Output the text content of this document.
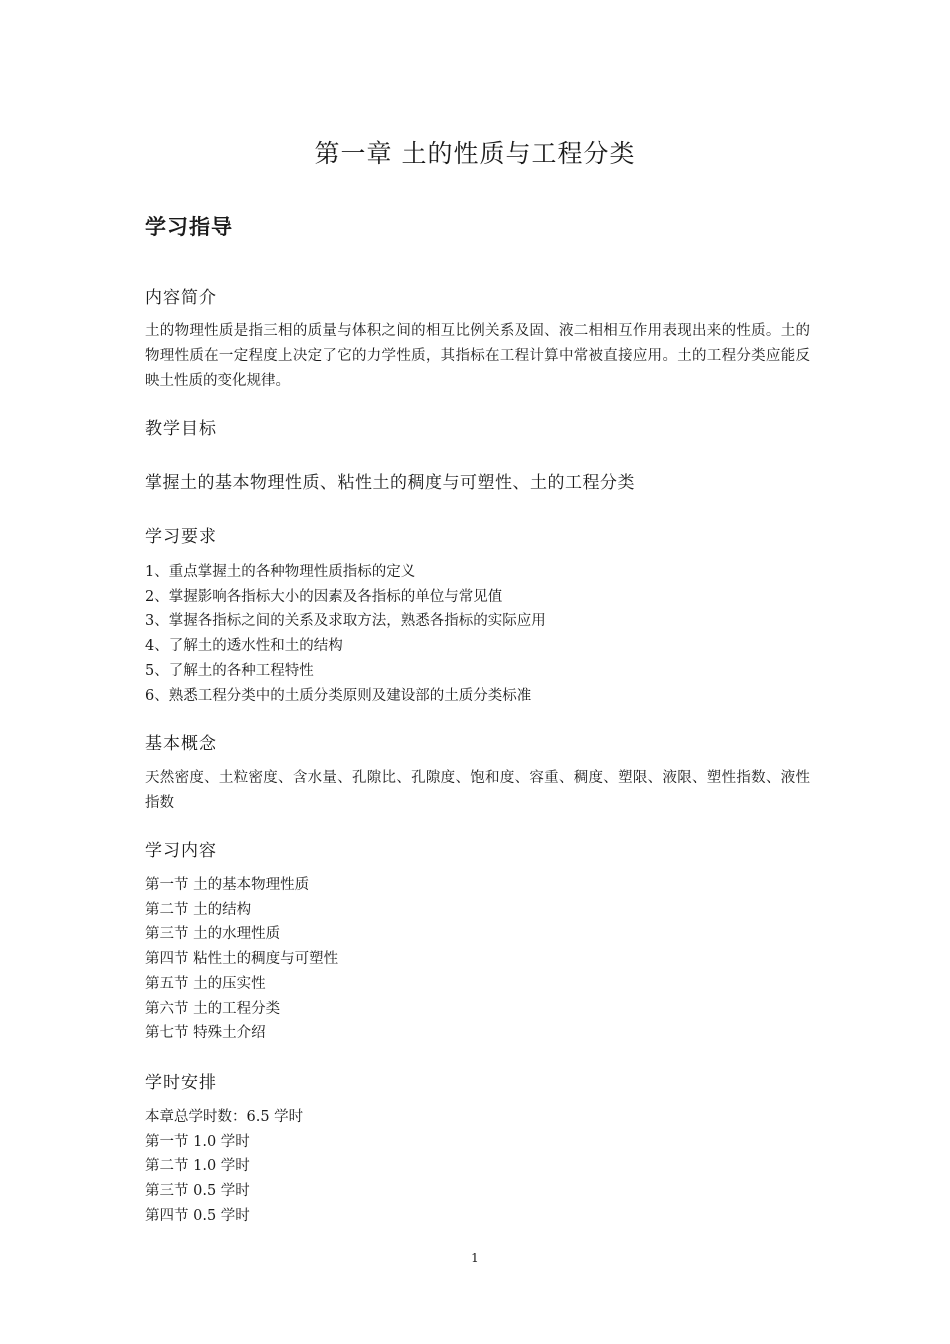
第一章 土的性质与工程分类
学习指导
内容简介
土的物理性质是指三相的质量与体积之间的相互比例关系及固、液二相相互作用表现出来的性质。土的物理性质在一定程度上决定了它的力学性质，其指标在工程计算中常被直接应用。土的工程分类应能反映土性质的变化规律。
教学目标
掌握土的基本物理性质、粘性土的稠度与可塑性、土的工程分类
学习要求
1、重点掌握土的各种物理性质指标的定义
2、掌握影响各指标大小的因素及各指标的单位与常见值
3、掌握各指标之间的关系及求取方法，熟悉各指标的实际应用
4、了解土的透水性和土的结构
5、了解土的各种工程特性
6、熟悉工程分类中的土质分类原则及建设部的土质分类标准
基本概念
天然密度、土粒密度、含水量、孔隙比、孔隙度、饱和度、容重、稠度、塑限、液限、塑性指数、液性指数
学习内容
第一节 土的基本物理性质
第二节 土的结构
第三节 土的水理性质
第四节 粘性土的稠度与可塑性
第五节 土的压实性
第六节 土的工程分类
第七节 特殊土介绍
学时安排
本章总学时数：6.5 学时
第一节 1.0 学时
第二节 1.0 学时
第三节 0.5 学时
第四节 0.5 学时
1
